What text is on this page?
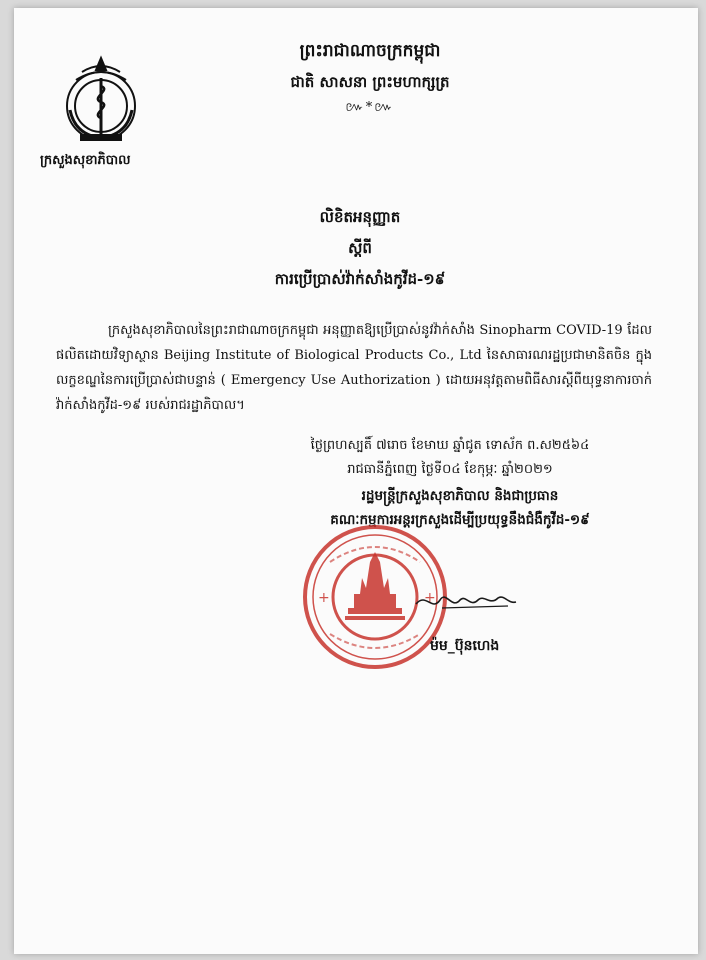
ក្រសួងសុខាភិបាល
ព្រះរាជាណាចក្រកម្ពុជា
ជាតិ សាសនា ព្រះមហាក្សត្រ
៚*៚
លិខិតអនុញ្ញាត
ស្តីពី
ការប្រើប្រាស់វ៉ាក់សាំងកូវីដ-១៩

ក្រសួងសុខាភិបាលនៃព្រះរាជាណាចក្រកម្ពុជា អនុញ្ញាតឱ្យប្រើប្រាស់នូវវ៉ាក់សាំង Sinopharm COVID-19 ដែលផលិតដោយវិទ្យាស្ថាន Beijing Institute of Biological Products Co., Ltd នៃសាធារណរដ្ឋប្រជាមានិតចិន ក្នុងលក្ខខណ្ឌនៃការប្រើប្រាស់ជាបន្ទាន់ ( Emergency Use Authorization ) ដោយអនុវត្តតាមពិធីសារស្តីពីយុទ្ធនាការចាក់វ៉ាក់សាំងកូវីដ-១៩ របស់រាជរដ្ឋាភិបាល។

ថ្ងៃព្រហស្បតិ៍ ៧រោច ខែមាឃ ឆ្នាំជូត ទោស័ក ព.ស២៥៦៤
រាជធានីភ្នំពេញ ថ្ងៃទី០៤ ខែកុម្ភៈ ឆ្នាំ២០២១
រដ្ឋមន្ត្រីក្រសួងសុខាភិបាល និងជាប្រធាន
គណៈកម្មការអន្តរក្រសួងដើម្បីប្រយុទ្ធនឹងជំងឺកូវីដ-១៩
+	+
ម៉ម_ប៊ុនហេង
